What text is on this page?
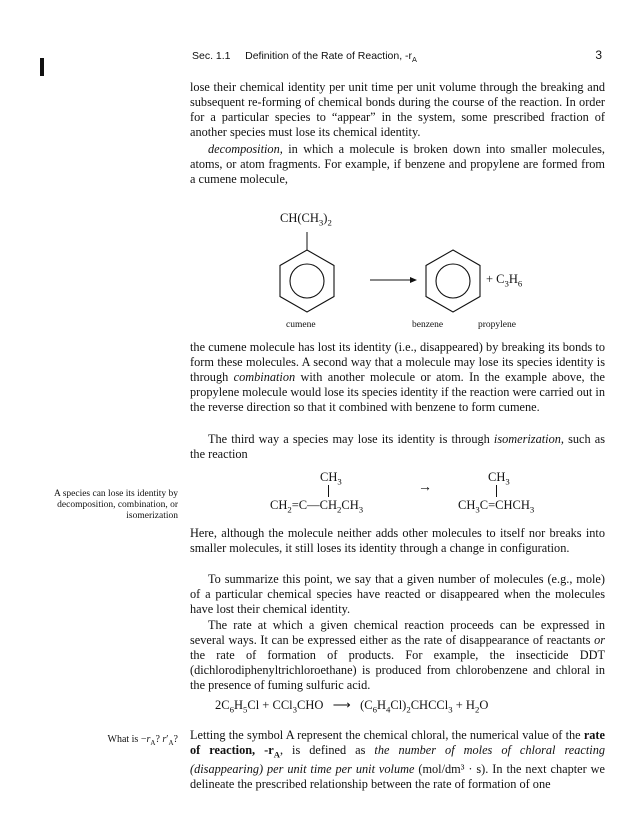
Sec. 1.1 Definition of the Rate of Reaction, $-r_A$	3

lose their chemical identity per unit time per unit volume through the breaking and subsequent re-forming of chemical bonds during the course of the reaction. In order for a particular species to “appear” in the system, some prescribed fraction of another species must lose its chemical identity.

decomposition, in which a molecule is broken down into smaller molecules, atoms, or atom fragments. For example, if benzene and propylene are formed from a cumene molecule,

$CH(CH_3)_2$
+ $C_3H_6$
cumene	benzene	propylene

the cumene molecule has lost its identity (i.e., disappeared) by breaking its bonds to form these molecules. A second way that a molecule may lose its species identity is through combination with another molecule or atom. In the example above, the propylene molecule would lose its species identity if the reaction were carried out in the reverse direction so that it combined with benzene to form cumene.

The third way a species may lose its identity is through isomerization, such as the reaction

$CH_3$
$CH_2=C—CH_2CH_3$
→
$CH_3$
$CH_3C=CHCH_3$
A species can lose its identity by decomposition, combination, or isomerization

Here, although the molecule neither adds other molecules to itself nor breaks into smaller molecules, it still loses its identity through a change in configuration.

To summarize this point, we say that a given number of molecules (e.g., mole) of a particular chemical species have reacted or disappeared when the molecules have lost their chemical identity.

The rate at which a given chemical reaction proceeds can be expressed in several ways. It can be expressed either as the rate of disappearance of reactants or the rate of formation of products. For example, the insecticide DDT (dichlorodiphenyltrichloroethane) is produced from chlorobenzene and chloral in the presence of fuming sulfuric acid.

$2C_6H_5Cl + CCl_3CHO$   ⟶   $(C_6H_4Cl)_2CHCCl_3 + H_2O$
What is $-r_A$? $r'_A$? Letting the symbol A represent the chemical chloral, the numerical value of the rate of reaction, $-r_A$, is defined as the number of moles of chloral reacting (disappearing) per unit time per unit volume (mol/dm³ · s). In the next chapter we delineate the prescribed relationship between the rate of formation of one
